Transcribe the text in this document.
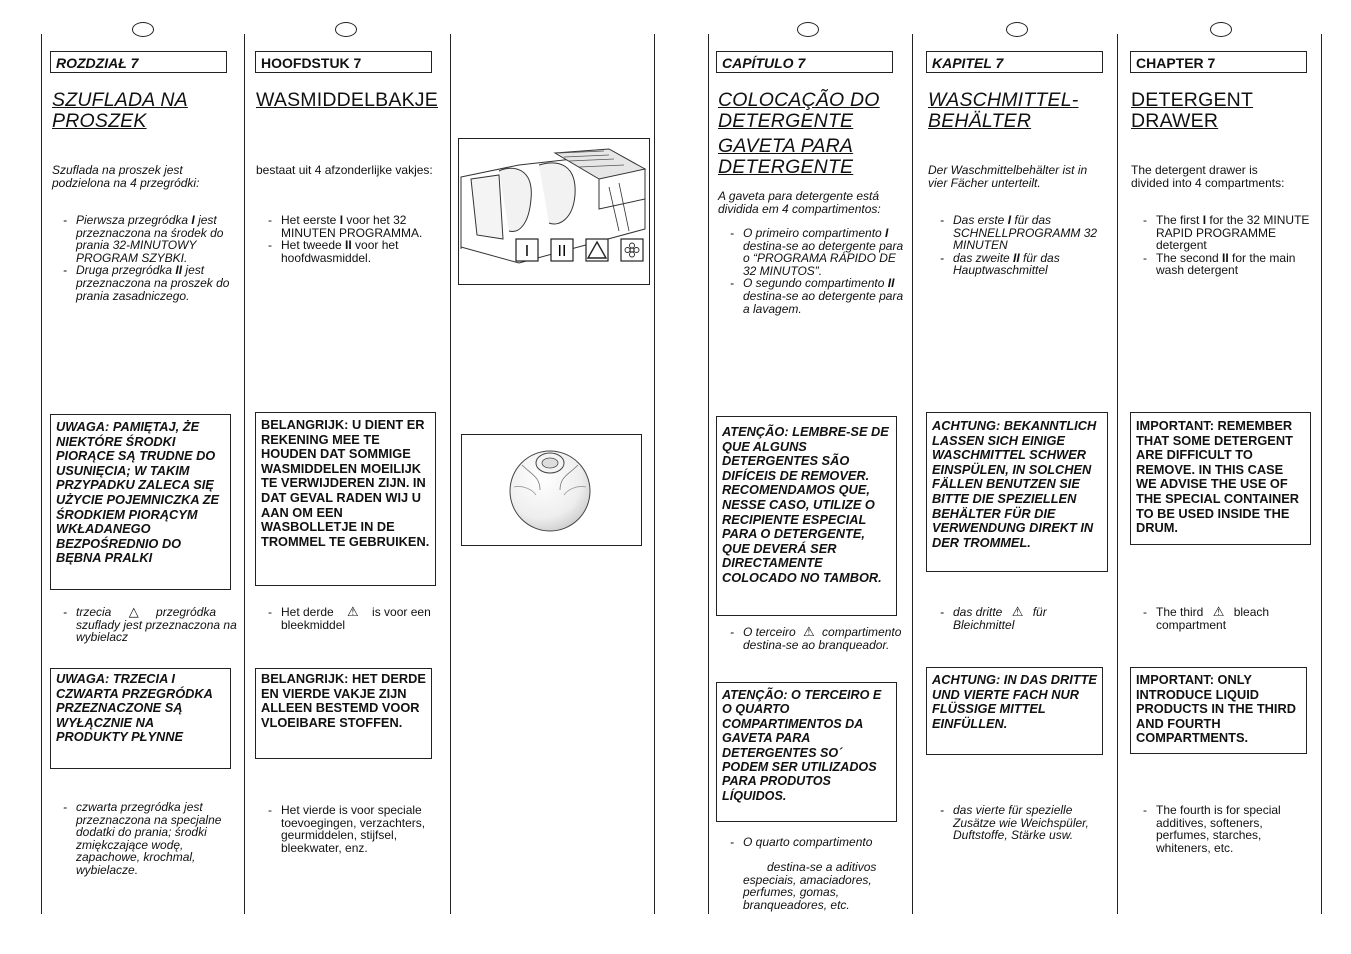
ROZDZIAŁ 7
SZUFLADA NA
PROSZEK
Szuflada na proszek jest podzielona na 4 przegródki:
- Pierwsza przegródka I jest przeznaczona na środek do prania 32-MINUTOWY PROGRAM SZYBKI.
- Druga przegródka II jest przeznaczona na proszek do prania zasadniczego.
UWAGA: PAMIĘTAJ, ŻE NIEKTÓRE ŚRODKI PIORĄCE SĄ TRUDNE DO USUNIĘCIA; W TAKIM PRZYPADKU ZALECA SIĘ UŻYCIE POJEMNICZKA ZE ŚRODKIEM PIORĄCYM WKŁADANEGO BEZPOŚREDNIO DO BĘBNA PRALKI
- trzecia △ przegródka szuflady jest przeznaczona na wybielacz
UWAGA: TRZECIA I CZWARTA PRZEGRÓDKA PRZEZNACZONE SĄ WYŁĄCZNIE NA PRODUKTY PŁYNNE
- czwarta przegródka jest przeznaczona na specjalne dodatki do prania; środki zmiękczające wodę, zapachowe, krochmal, wybielacze.
HOOFDSTUK 7
WASMIDDELBAKJE
bestaat uit 4 afzonderlijke vakjes:
- Het eerste I voor het 32 MINUTEN PROGRAMMA.
- Het tweede II voor het hoofdwasmiddel.
BELANGRIJK: U DIENT ER REKENING MEE TE HOUDEN DAT SOMMIGE WASMIDDELEN MOEILIJK TE VERWIJDEREN ZIJN. IN DAT GEVAL RADEN WIJ U AAN OM EEN WASBOLLETJE IN DE TROMMEL TE GEBRUIKEN.
- Het derde ⚠ is voor een bleekmiddel
BELANGRIJK: HET DERDE EN VIERDE VAKJE ZIJN ALLEEN BESTEMD VOOR VLOEIBARE STOFFEN.
- Het vierde is voor speciale toevoegingen, verzachters, geurmiddelen, stijfsel, bleekwater, enz.
I II
CAPÍTULO 7
COLOCAÇÃO DO
DETERGENTE
GAVETA PARA
DETERGENTE
A gaveta para detergente está dividida em 4 compartimentos:
- O primeiro compartimento I destina-se ao detergente para o “PROGRAMA RÁPIDO DE 32 MINUTOS”.
- O segundo compartimento II destina-se ao detergente para a lavagem.
ATENÇÃO: LEMBRE-SE DE QUE ALGUNS DETERGENTES SÃO DIFÍCEIS DE REMOVER. RECOMENDAMOS QUE, NESSE CASO, UTILIZE O RECIPIENTE ESPECIAL PARA O DETERGENTE, QUE DEVERÁ SER DIRECTAMENTE COLOCADO NO TAMBOR.
- O terceiro ⚠ compartimento destina-se ao branqueador.
ATENÇÃO: O TERCEIRO E O QUARTO COMPARTIMENTOS DA GAVETA PARA DETERGENTES SO´ PODEM SER UTILIZADOS PARA PRODUTOS LÍQUIDOS.
- O quarto compartimento

destina-se a aditivos especiais, amaciadores, perfumes, gomas, branqueadores, etc.
KAPITEL 7
WASCHMITTEL-
BEHÄLTER
Der Waschmittelbehälter ist in vier Fächer unterteilt.
- Das erste I für das SCHNELLPROGRAMM 32 MINUTEN
- das zweite II für das Hauptwaschmittel
ACHTUNG: BEKANNTLICH LASSEN SICH EINIGE WASCHMITTEL SCHWER EINSPÜLEN, IN SOLCHEN FÄLLEN BENUTZEN SIE BITTE DIE SPEZIELLEN BEHÄLTER FÜR DIE VERWENDUNG DIREKT IN DER TROMMEL.
- das dritte ⚠ für Bleichmittel
ACHTUNG: IN DAS DRITTE UND VIERTE FACH NUR FLÜSSIGE MITTEL EINFÜLLEN.
- das vierte für spezielle Zusätze wie Weichspüler, Duftstoffe, Stärke usw.
CHAPTER 7
DETERGENT
DRAWER
The detergent drawer is divided into 4 compartments:
- The first I for the 32 MINUTE RAPID PROGRAMME detergent
- The second II for the main wash detergent
IMPORTANT: REMEMBER THAT SOME DETERGENT ARE DIFFICULT TO REMOVE. IN THIS CASE WE ADVISE THE USE OF THE SPECIAL CONTAINER TO BE USED INSIDE THE DRUM.
- The third ⚠ bleach compartment
IMPORTANT: ONLY INTRODUCE LIQUID PRODUCTS IN THE THIRD AND FOURTH COMPARTMENTS.
- The fourth is for special additives, softeners, perfumes, starches, whiteners, etc.
